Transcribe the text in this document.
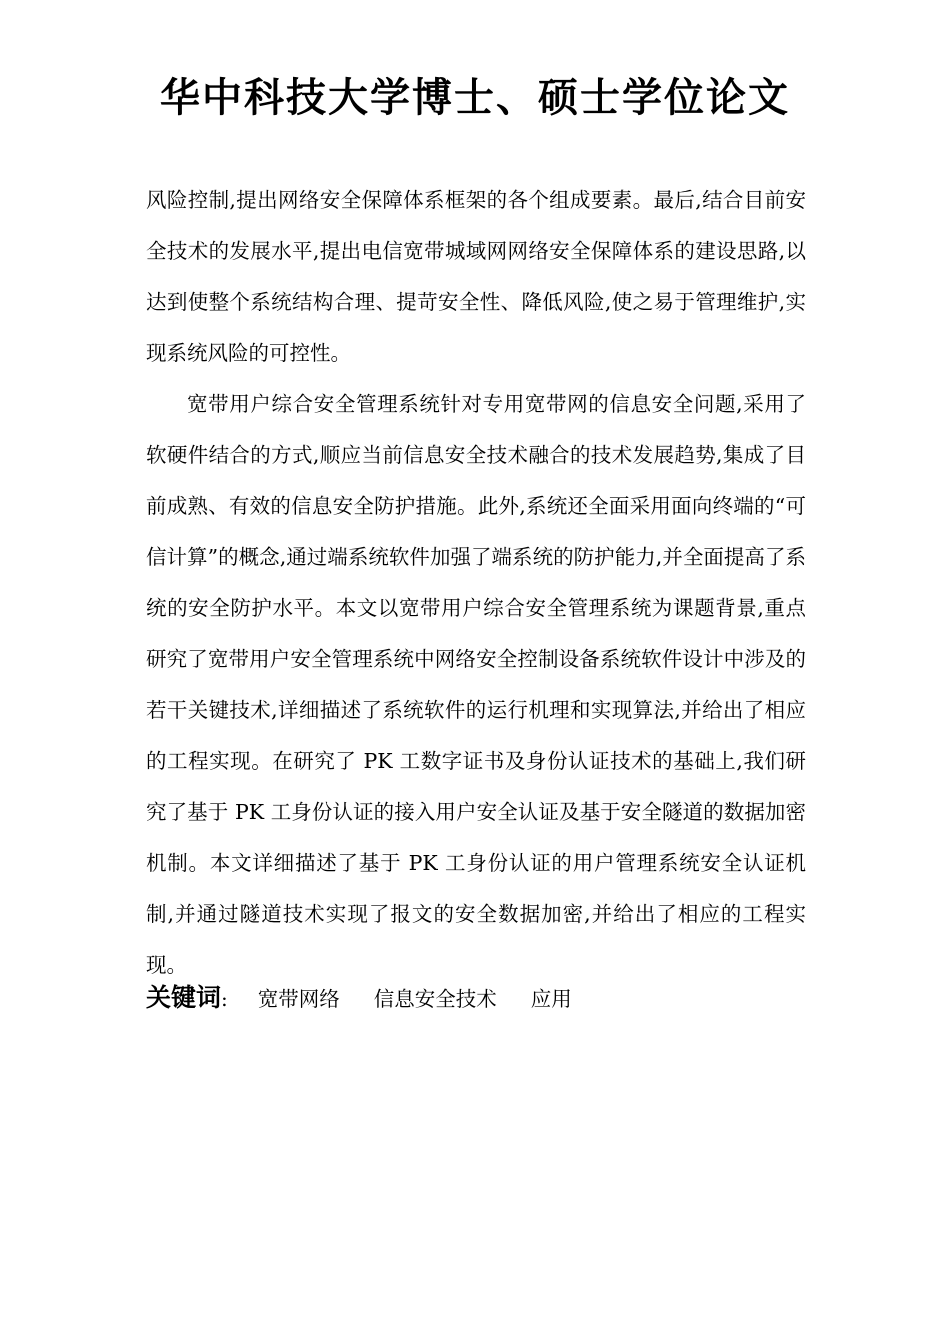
华中科技大学博士、硕士学位论文

风险控制,提出网络安全保障体系框架的各个组成要素。最后,结合目前安全技术的发展水平,提出电信宽带城域网网络安全保障体系的建设思路,以达到使整个系统结构合理、提苛安全性、降低风险,使之易于管理维护,实现系统风险的可控性。

宽带用户综合安全管理系统针对专用宽带网的信息安全问题,采用了软硬件结合的方式,顺应当前信息安全技术融合的技术发展趋势,集成了目前成熟、有效的信息安全防护措施。此外,系统还全面采用面向终端的“可信计算”的概念,通过端系统软件加强了端系统的防护能力,并全面提高了系统的安全防护水平。本文以宽带用户综合安全管理系统为课题背景,重点研究了宽带用户安全管理系统中网络安全控制设备系统软件设计中涉及的若干关键技术,详细描述了系统软件的运行机理和实现算法,并给出了相应的工程实现。在研究了 PK 工数字证书及身份认证技术的基础上,我们研究了基于 PK 工身份认证的接入用户安全认证及基于安全隧道的数据加密机制。本文详细描述了基于 PK 工身份认证的用户管理系统安全认证机制,并通过隧道技术实现了报文的安全数据加密,并给出了相应的工程实现。

关键词 : 宽带网络 信息安全技术 应用
